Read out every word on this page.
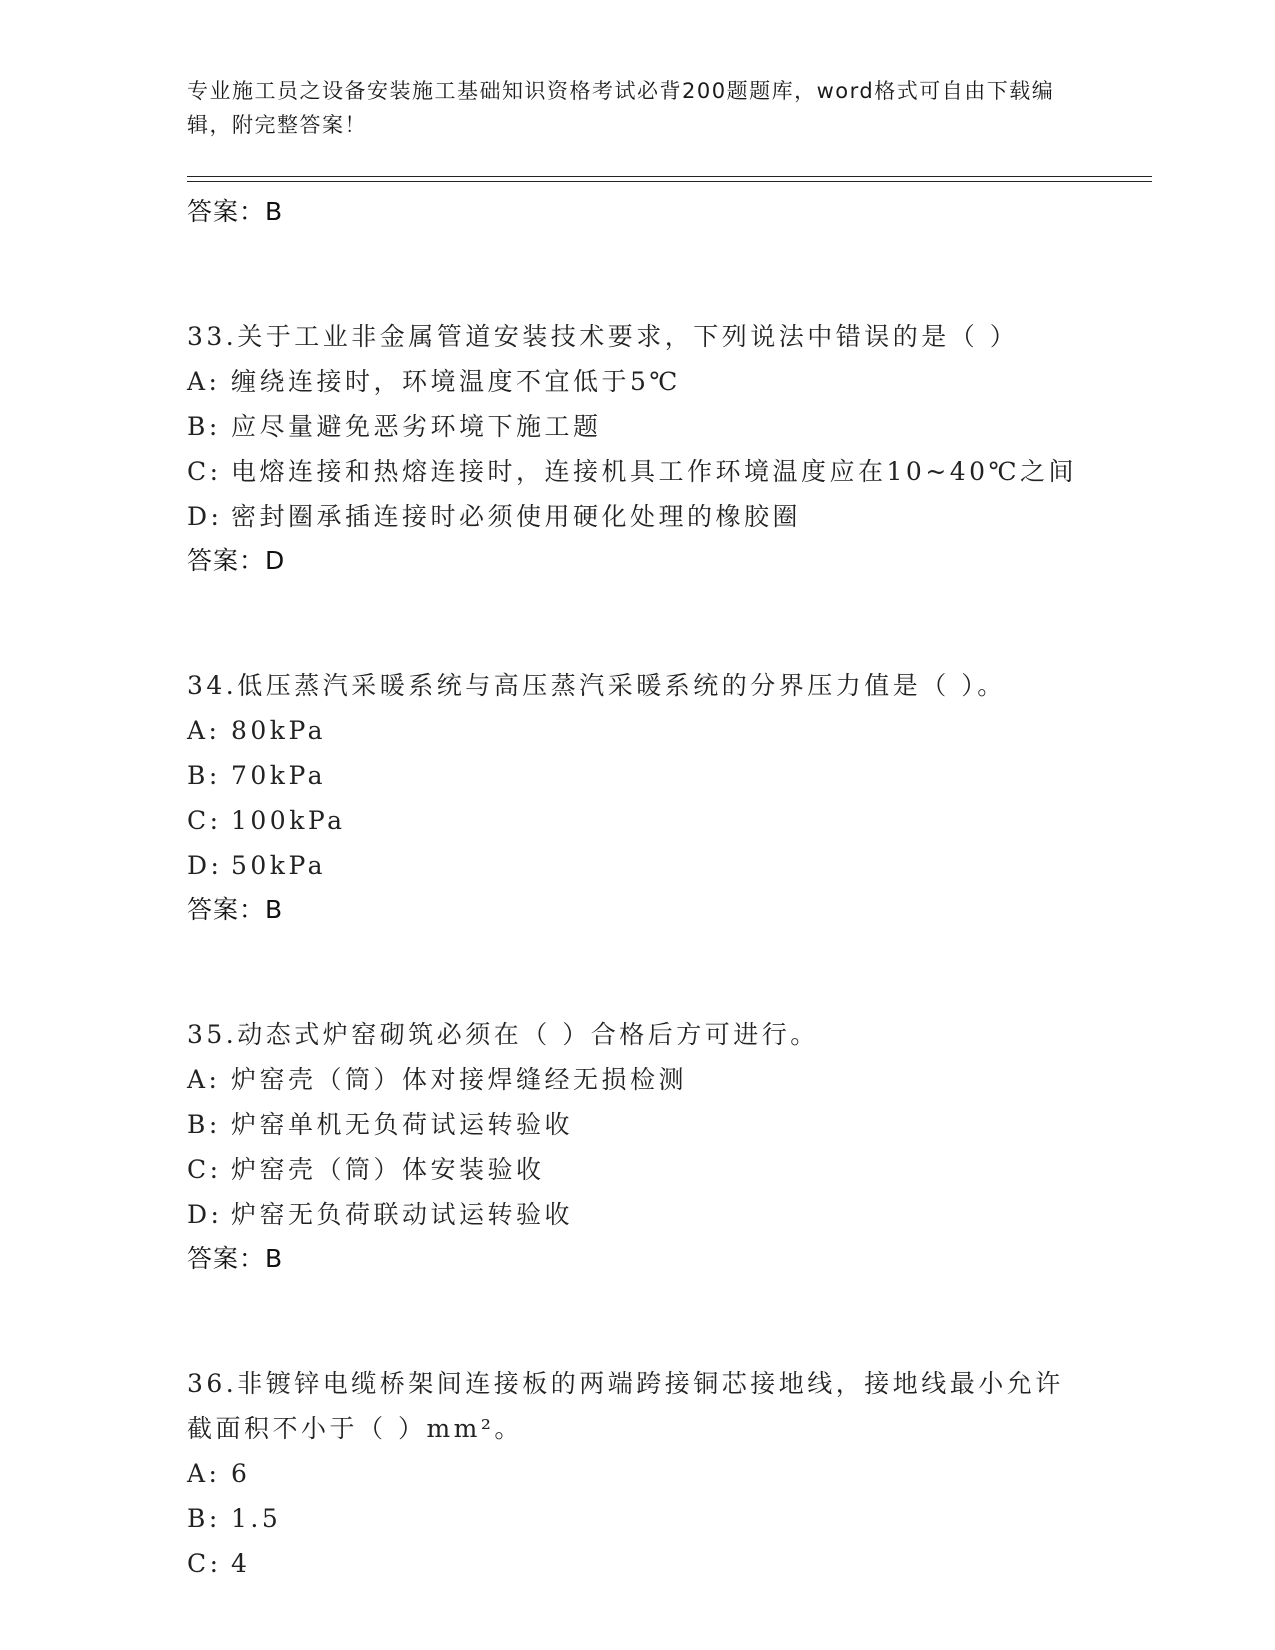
专业施工员之设备安装施工基础知识资格考试必背200题题库，word格式可自由下载编辑，附完整答案！
答案：B
33.关于工业非金属管道安装技术要求，下列说法中错误的是（ ）
A: 缠绕连接时，环境温度不宜低于5℃
B: 应尽量避免恶劣环境下施工题
C: 电熔连接和热熔连接时，连接机具工作环境温度应在10~40℃之间
D: 密封圈承插连接时必须使用硬化处理的橡胶圈
答案：D
34.低压蒸汽采暖系统与高压蒸汽采暖系统的分界压力值是（ ）。
A: 80kPa
B: 70kPa
C: 100kPa
D: 50kPa
答案：B
35.动态式炉窑砌筑必须在（ ）合格后方可进行。
A: 炉窑壳（筒）体对接焊缝经无损检测
B: 炉窑单机无负荷试运转验收
C: 炉窑壳（筒）体安装验收
D: 炉窑无负荷联动试运转验收
答案：B
36.非镀锌电缆桥架间连接板的两端跨接铜芯接地线，接地线最小允许截面积不小于（ ）mm²。
A: 6
B: 1.5
C: 4
